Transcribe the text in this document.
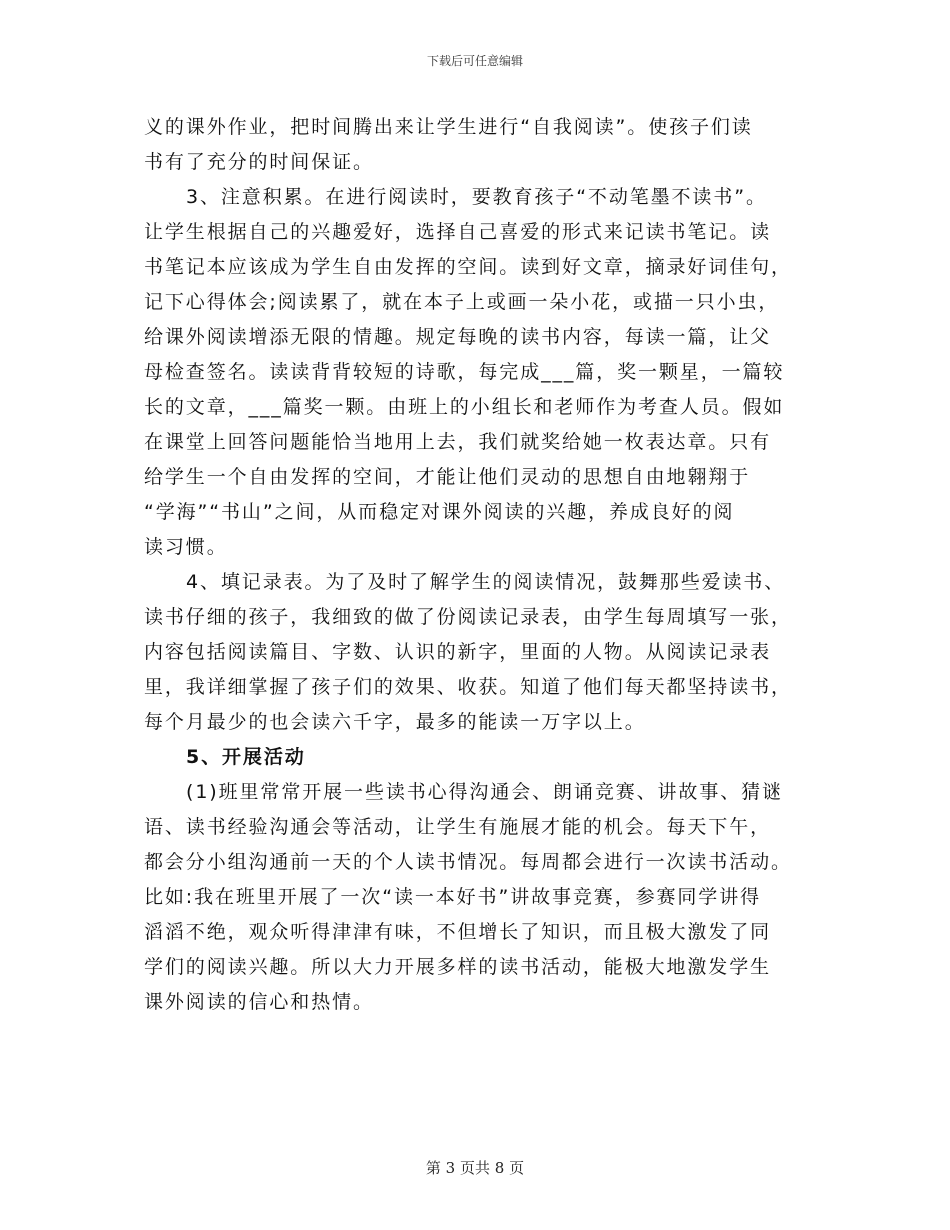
下载后可任意编辑
义的课外作业，把时间腾出来让学生进行“自我阅读”。使孩子们读
书有了充分的时间保证。
3、注意积累。在进行阅读时，要教育孩子“不动笔墨不读书”。
让学生根据自己的兴趣爱好，选择自己喜爱的形式来记读书笔记。读
书笔记本应该成为学生自由发挥的空间。读到好文章，摘录好词佳句，
记下心得体会;阅读累了，就在本子上或画一朵小花，或描一只小虫，
给课外阅读增添无限的情趣。规定每晚的读书内容，每读一篇，让父
母检查签名。读读背背较短的诗歌，每完成___篇，奖一颗星，一篇较
长的文章，___篇奖一颗。由班上的小组长和老师作为考查人员。假如
在课堂上回答问题能恰当地用上去，我们就奖给她一枚表达章。只有
给学生一个自由发挥的空间，才能让他们灵动的思想自由地翱翔于
“学海”“书山”之间，从而稳定对课外阅读的兴趣，养成良好的阅
读习惯。
4、填记录表。为了及时了解学生的阅读情况，鼓舞那些爱读书、
读书仔细的孩子，我细致的做了份阅读记录表，由学生每周填写一张，
内容包括阅读篇目、字数、认识的新字，里面的人物。从阅读记录表
里，我详细掌握了孩子们的效果、收获。知道了他们每天都坚持读书，
每个月最少的也会读六千字，最多的能读一万字以上。
5、开展活动
(1)班里常常开展一些读书心得沟通会、朗诵竞赛、讲故事、猜谜
语、读书经验沟通会等活动，让学生有施展才能的机会。每天下午，
都会分小组沟通前一天的个人读书情况。每周都会进行一次读书活动。
比如:我在班里开展了一次“读一本好书”讲故事竞赛，参赛同学讲得
滔滔不绝，观众听得津津有味，不但增长了知识，而且极大激发了同
学们的阅读兴趣。所以大力开展多样的读书活动，能极大地激发学生
课外阅读的信心和热情。
第 3 页共 8 页
